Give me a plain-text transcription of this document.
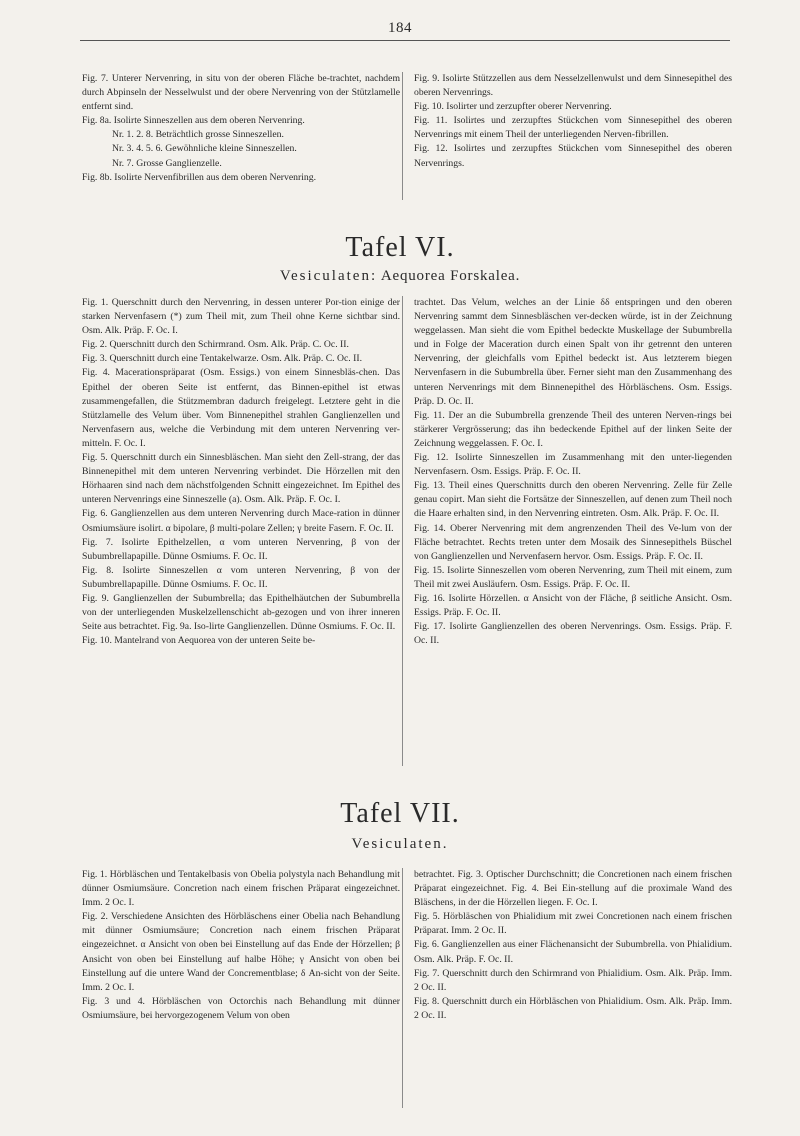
184

Fig. 7. Unterer Nervenring, in situ von der oberen Fläche be-trachtet, nachdem durch Abpinseln der Nesselwulst und der obere Nervenring von der Stützlamelle entfernt sind.

Fig. 8a. Isolirte Sinneszellen aus dem oberen Nervenring.

Nr. 1. 2. 8. Beträchtlich grosse Sinneszellen.

Nr. 3. 4. 5. 6. Gewöhnliche kleine Sinneszellen.

Nr. 7. Grosse Ganglienzelle.

Fig. 8b. Isolirte Nervenfibrillen aus dem oberen Nervenring.

Fig. 9. Isolirte Stützzellen aus dem Nesselzellenwulst und dem Sinnesepithel des oberen Nervenrings.

Fig. 10. Isolirter und zerzupfter oberer Nervenring.

Fig. 11. Isolirtes und zerzupftes Stückchen vom Sinnesepithel des oberen Nervenrings mit einem Theil der unterliegenden Nerven-fibrillen.

Fig. 12. Isolirtes und zerzupftes Stückchen vom Sinnesepithel des oberen Nervenrings.

Tafel VI.
Vesiculaten: Aequorea Forskalea.

Fig. 1. Querschnitt durch den Nervenring, in dessen unterer Por-tion einige der starken Nervenfasern (*) zum Theil mit, zum Theil ohne Kerne sichtbar sind. Osm. Alk. Präp. F. Oc. I.

Fig. 2. Querschnitt durch den Schirmrand. Osm. Alk. Präp. C. Oc. II.

Fig. 3. Querschnitt durch eine Tentakelwarze. Osm. Alk. Präp. C. Oc. II.

Fig. 4. Macerationspräparat (Osm. Essigs.) von einem Sinnesbläs-chen. Das Epithel der oberen Seite ist entfernt, das Binnen-epithel ist etwas zusammengefallen, die Stützmembran dadurch freigelegt. Letztere geht in die Stützlamelle des Velum über. Vom Binnenepithel strahlen Ganglienzellen und Nervenfasern aus, welche die Verbindung mit dem unteren Nervenring ver-mitteln. F. Oc. I.

Fig. 5. Querschnitt durch ein Sinnesbläschen. Man sieht den Zell-strang, der das Binnenepithel mit dem unteren Nervenring verbindet. Die Hörzellen mit den Hörhaaren sind nach dem nächstfolgenden Schnitt eingezeichnet. Im Epithel des unteren Nervenrings eine Sinneszelle (a). Osm. Alk. Präp. F. Oc. I.

Fig. 6. Ganglienzellen aus dem unteren Nervenring durch Mace-ration in dünner Osmiumsäure isolirt. α bipolare, β multi-polare Zellen; γ breite Fasern. F. Oc. II.

Fig. 7. Isolirte Epithelzellen, α vom unteren Nervenring, β von der Subumbrellapapille. Dünne Osmiums. F. Oc. II.

Fig. 8. Isolirte Sinneszellen α vom unteren Nervenring, β von der Subumbrellapapille. Dünne Osmiums. F. Oc. II.

Fig. 9. Ganglienzellen der Subumbrella; das Epithelhäutchen der Subumbrella von der unterliegenden Muskelzellenschicht ab-gezogen und von ihrer inneren Seite aus betrachtet. Fig. 9a. Iso-lirte Ganglienzellen. Dünne Osmiums. F. Oc. II.

Fig. 10. Mantelrand von Aequorea von der unteren Seite be-

trachtet. Das Velum, welches an der Linie δδ entspringen und den oberen Nervenring sammt dem Sinnesbläschen ver-decken würde, ist in der Zeichnung weggelassen. Man sieht die vom Epithel bedeckte Muskellage der Subumbrella und in Folge der Maceration durch einen Spalt von ihr getrennt den unteren Nervenring, der gleichfalls vom Epithel bedeckt ist. Aus letzterem biegen Nervenfasern in die Subumbrella über. Ferner sieht man den Zusammenhang des unteren Nervenrings mit dem Binnenepithel des Hörbläschens. Osm. Essigs. Präp. D. Oc. II.

Fig. 11. Der an die Subumbrella grenzende Theil des unteren Nerven-rings bei stärkerer Vergrösserung; das ihn bedeckende Epithel auf der linken Seite der Zeichnung weggelassen. F. Oc. I.

Fig. 12. Isolirte Sinneszellen im Zusammenhang mit den unter-liegenden Nervenfasern. Osm. Essigs. Präp. F. Oc. II.

Fig. 13. Theil eines Querschnitts durch den oberen Nervenring. Zelle für Zelle genau copirt. Man sieht die Fortsätze der Sinneszellen, auf denen zum Theil noch die Haare erhalten sind, in den Nervenring eintreten. Osm. Alk. Präp. F. Oc. II.

Fig. 14. Oberer Nervenring mit dem angrenzenden Theil des Ve-lum von der Fläche betrachtet. Rechts treten unter dem Mosaik des Sinnesepithels Büschel von Ganglienzellen und Nervenfasern hervor. Osm. Essigs. Präp. F. Oc. II.

Fig. 15. Isolirte Sinneszellen vom oberen Nervenring, zum Theil mit einem, zum Theil mit zwei Ausläufern. Osm. Essigs. Präp. F. Oc. II.

Fig. 16. Isolirte Hörzellen. α Ansicht von der Fläche, β seitliche Ansicht. Osm. Essigs. Präp. F. Oc. II.

Fig. 17. Isolirte Ganglienzellen des oberen Nervenrings. Osm. Essigs. Präp. F. Oc. II.

Tafel VII.
Vesiculaten.

Fig. 1. Hörbläschen und Tentakelbasis von Obelia polystyla nach Behandlung mit dünner Osmiumsäure. Concretion nach einem frischen Präparat eingezeichnet. Imm. 2 Oc. I.

Fig. 2. Verschiedene Ansichten des Hörbläschens einer Obelia nach Behandlung mit dünner Osmiumsäure; Concretion nach einem frischen Präparat eingezeichnet. α Ansicht von oben bei Einstellung auf das Ende der Hörzellen; β Ansicht von oben bei Einstellung auf halbe Höhe; γ Ansicht von oben bei Einstellung auf die untere Wand der Concrementblase; δ An-sicht von der Seite. Imm. 2 Oc. I.

Fig. 3 und 4. Hörbläschen von Octorchis nach Behandlung mit dünner Osmiumsäure, bei hervorgezogenem Velum von oben

betrachtet. Fig. 3. Optischer Durchschnitt; die Concretionen nach einem frischen Präparat eingezeichnet. Fig. 4. Bei Ein-stellung auf die proximale Wand des Bläschens, in der die Hörzellen liegen. F. Oc. I.

Fig. 5. Hörbläschen von Phialidium mit zwei Concretionen nach einem frischen Präparat. Imm. 2 Oc. II.

Fig. 6. Ganglienzellen aus einer Flächenansicht der Subumbrella. von Phialidium. Osm. Alk. Präp. F. Oc. II.

Fig. 7. Querschnitt durch den Schirmrand von Phialidium. Osm. Alk. Präp. Imm. 2 Oc. II.

Fig. 8. Querschnitt durch ein Hörbläschen von Phialidium. Osm. Alk. Präp. Imm. 2 Oc. II.
